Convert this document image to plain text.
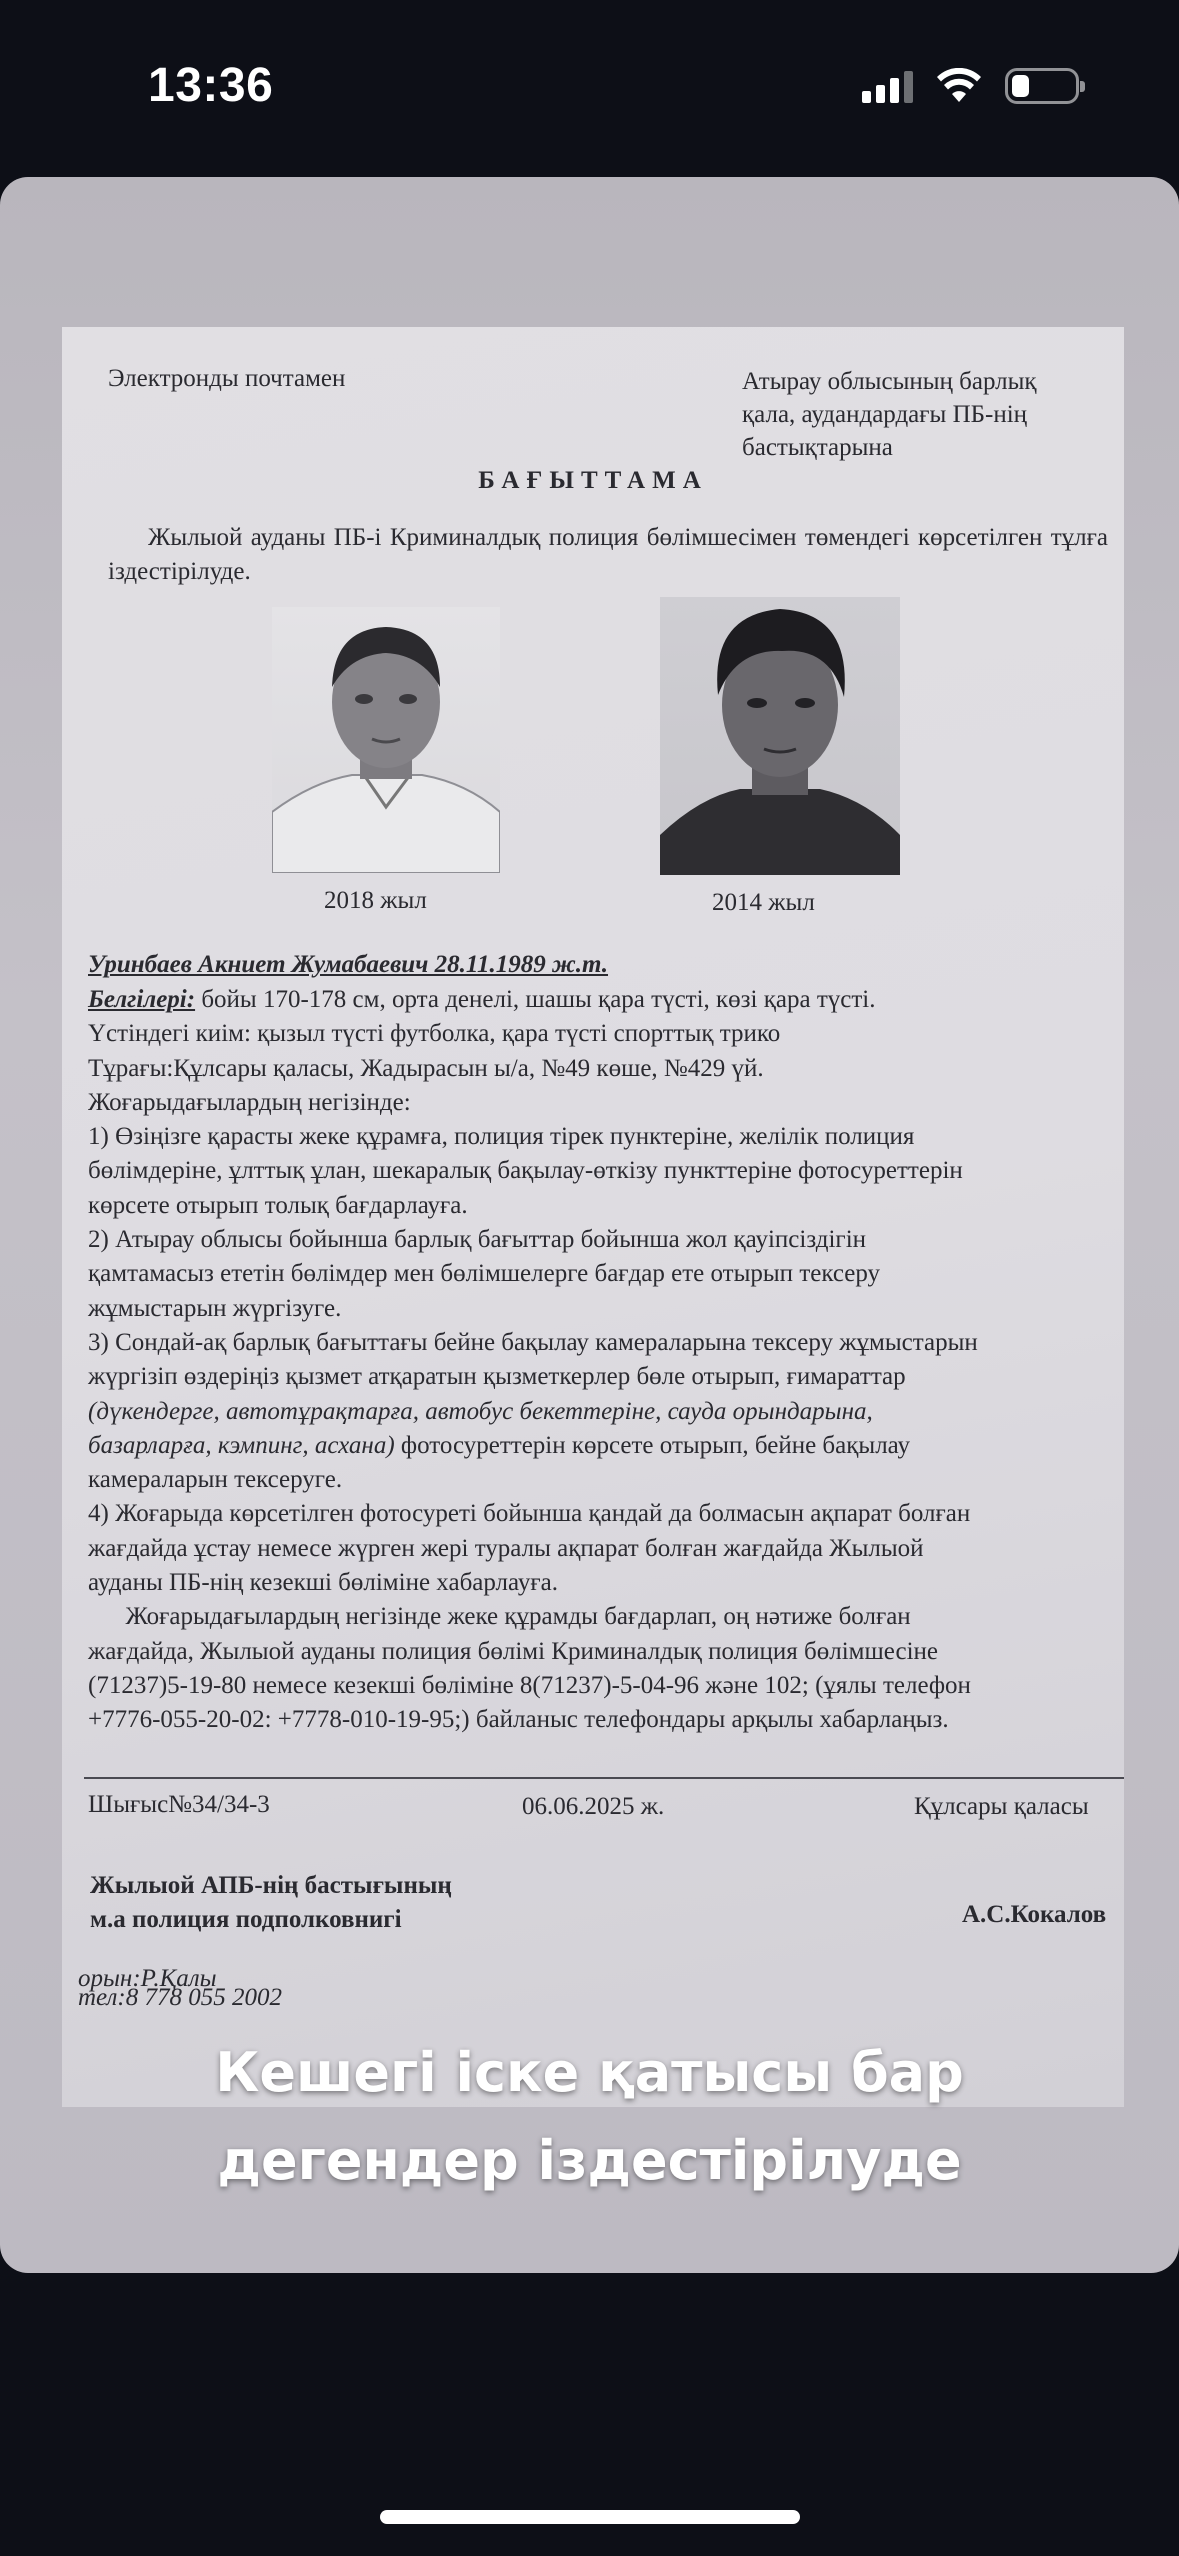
13:36
Электронды почтамен	Атырау облысының барлық
қала, аудандардағы ПБ-нің
бастықтарына
БАҒЫТТАМА
Жылыой ауданы ПБ-і Криминалдық полиция бөлімшесімен төмендегі көрсетілген тұлға іздестірілуде.
2018 жыл	2014 жыл
Уринбаев Акниет Жумабаевич 28.11.1989 ж.т.
Белгілері: бойы 170-178 см, орта денелі, шашы қара түсті, көзі қара түсті.
Үстіндегі киім: қызыл түсті футболка, қара түсті спорттық трико
Тұрағы:Құлсары қаласы, Жадырасын ы/а, №49 көше, №429 үй.
Жоғарыдағылардың негізінде:
1) Өзіңізге қарасты жеке құрамға, полиция тірек пунктеріне, желілік полиция
бөлімдеріне, ұлттық ұлан, шекаралық бақылау-өткізу пункттеріне фотосуреттерін
көрсете отырып толық бағдарлауға.
2) Атырау облысы бойынша барлық бағыттар бойынша жол қауіпсіздігін
қамтамасыз ететін бөлімдер мен бөлімшелерге бағдар ете отырып тексеру
жұмыстарын жүргізуге.
3) Сондай-ақ барлық бағыттағы бейне бақылау камераларына тексеру жұмыстарын
жүргізіп өздеріңіз қызмет атқаратын қызметкерлер бөле отырып, ғимараттар
(дүкендерге, автотұрақтарға, автобус бекеттеріне, сауда орындарына,
базарларға, кэмпинг, асхана) фотосуреттерін көрсете отырып, бейне бақылау
камераларын тексеруге.
4) Жоғарыда көрсетілген фотосуреті бойынша қандай да болмасын ақпарат болған
жағдайда ұстау немесе жүрген жері туралы ақпарат болған жағдайда Жылыой
ауданы ПБ-нің кезекші бөліміне хабарлауға.
Жоғарыдағылардың негізінде жеке құрамды бағдарлап, оң нәтиже болған
жағдайда, Жылыой ауданы полиция бөлімі Криминалдық полиция бөлімшесіне
(71237)5-19-80 немесе кезекші бөліміне 8(71237)-5-04-96 және 102; (ұялы телефон
+7776-055-20-02: +7778-010-19-95;) байланыс телефондары арқылы хабарлаңыз.
Шығыс№34/34-3	06.06.2025 ж.	Құлсары қаласы
Жылыой АПБ-нің бастығының
м.а полиция подполковнигі	А.С.Кокалов
орын:Р.Қалы
тел:8 778 055 2002
Кешегі іске қатысы бар
дегендер іздестірілуде
